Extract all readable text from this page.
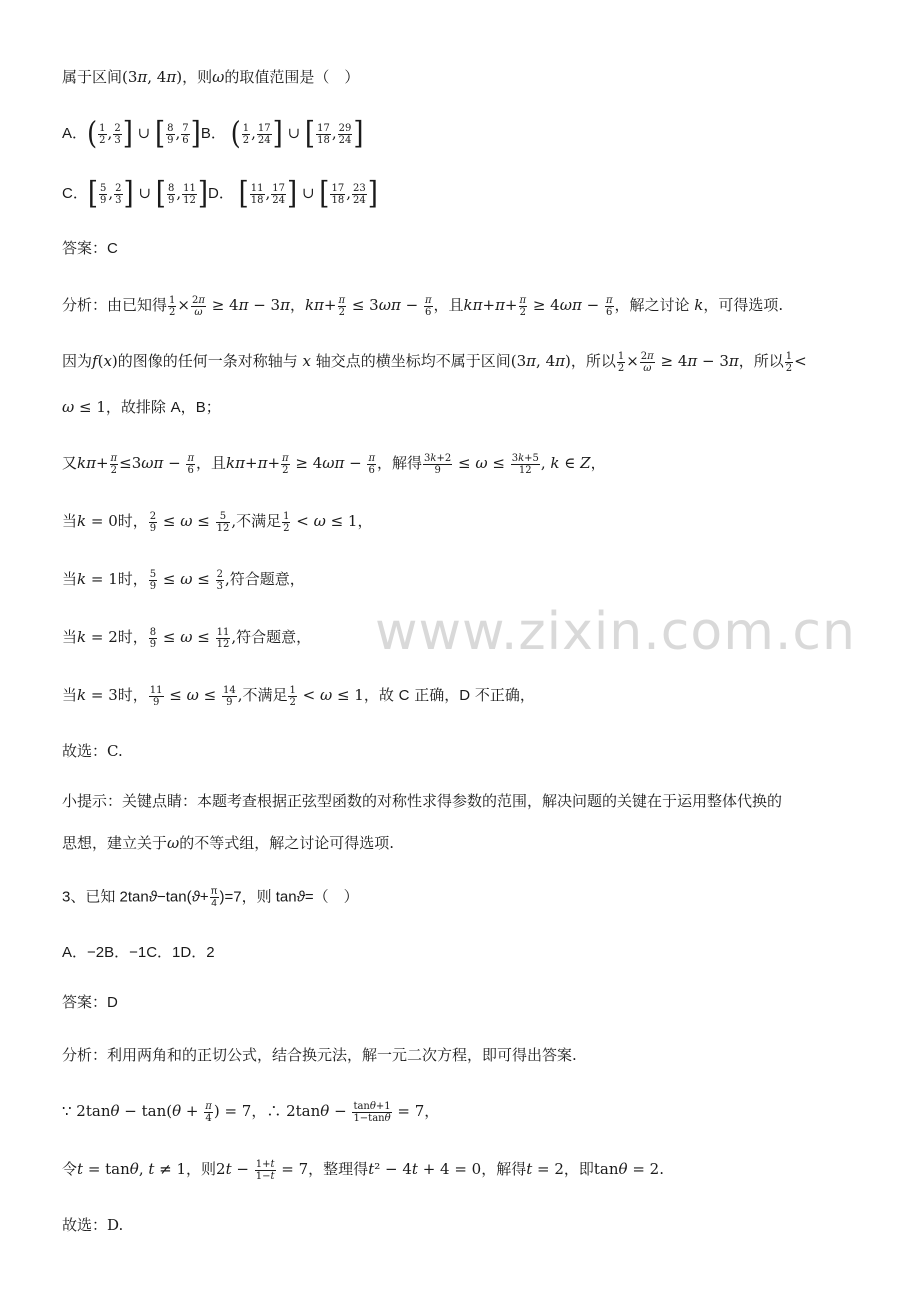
www.zixin.com.cn
属于区间(3π, 4π)，则ω的取值范围是（　）
A．( $\frac{1}{2}$ , $\frac{2}{3}$ ] ∪ [ $\frac{8}{9}$ , $\frac{7}{6} ]B$． ( $\frac{1}{2}$ , $\frac{17}{24}$ ] ∪ [ $\frac{17}{18}$ , $\frac{29}{24}$ ]
C．[ $\frac{5}{9}$ , $\frac{2}{3}$ ] ∪ [ $\frac{8}{9}$ , $\frac{11}{12} ]D$． [ $\frac{11}{18}$ , $\frac{17}{24}$ ] ∪ [ $\frac{17}{18}$ , $\frac{23}{24}$ ]
答案：C
分析：由已知得 $\frac{1}{2} \times \frac{2\pi}{\omega} \ge 4\pi - 3\pi$，$k\pi+ \frac{\pi}{2} \le 3\omega\pi - \frac{\pi}{6}$ ，且$k\pi+\pi+ \frac{\pi}{2} \ge 4\omega\pi - \frac{\pi}{6}$ ，解之讨论 k，可得选项.
因为f(x)的图像的任何一条对称轴与 x 轴交点的横坐标均不属于区间(3π, 4π)，所以 $\frac{1}{2} \times \frac{2\pi}{\omega} \ge 4\pi - 3\pi$，所以 $\frac{1}{2}$ <
ω ≤ 1，故排除 A，B；
又$k\pi+ \frac{\pi}{2} \le 3\omega\pi - \frac{\pi}{6}$ ，且$k\pi+\pi+ \frac{\pi}{2} \ge 4\omega\pi - \frac{\pi}{6}$ ，解得 $\frac{3k+2}{9} \le \omega \le \frac{3k+5}{12}$ , k ∈ Z，
当k = 0时， $\frac{2}{9} \le \omega \le \frac{5}{12}$ ,不满足 $\frac{1}{2} < \omega \le 1$，
当k = 1时， $\frac{5}{9} \le \omega \le \frac{2}{3}$ ,符合题意，
当k = 2时， $\frac{8}{9} \le \omega \le \frac{11}{12}$ ,符合题意，
当k = 3时， $\frac{11}{9} \le \omega \le \frac{14}{9}$ ,不满足 $\frac{1}{2} < \omega \le 1$，故 C 正确，D 不正确，
故选：C.
小提示：关键点睛：本题考查根据正弦型函数的对称性求得参数的范围，解决问题的关键在于运用整体代换的
思想，建立关于ω的不等式组，解之讨论可得选项.
3、已知 $2\tan ϑ-\tan(ϑ+ \frac{\pi}{4} )=7$，则 tanϑ=（　）
A．−2B．−1C．1D．2
答案：D
分析：利用两角和的正切公式，结合换元法，解一元二次方程，即可得出答案.
∵ $2\tan\theta - \tan(\theta + \frac{\pi}{4}$ ) = 7，∴ $2\tan\theta - \frac{\tan\theta+1}{1-\tan\theta} = 7$，
令t = tanθ, t ≠ 1，则$2t - \frac{1+t}{1-t} = 7$，整理得t² − 4t + 4 = 0，解得t = 2，即tanθ = 2.
故选：D.
